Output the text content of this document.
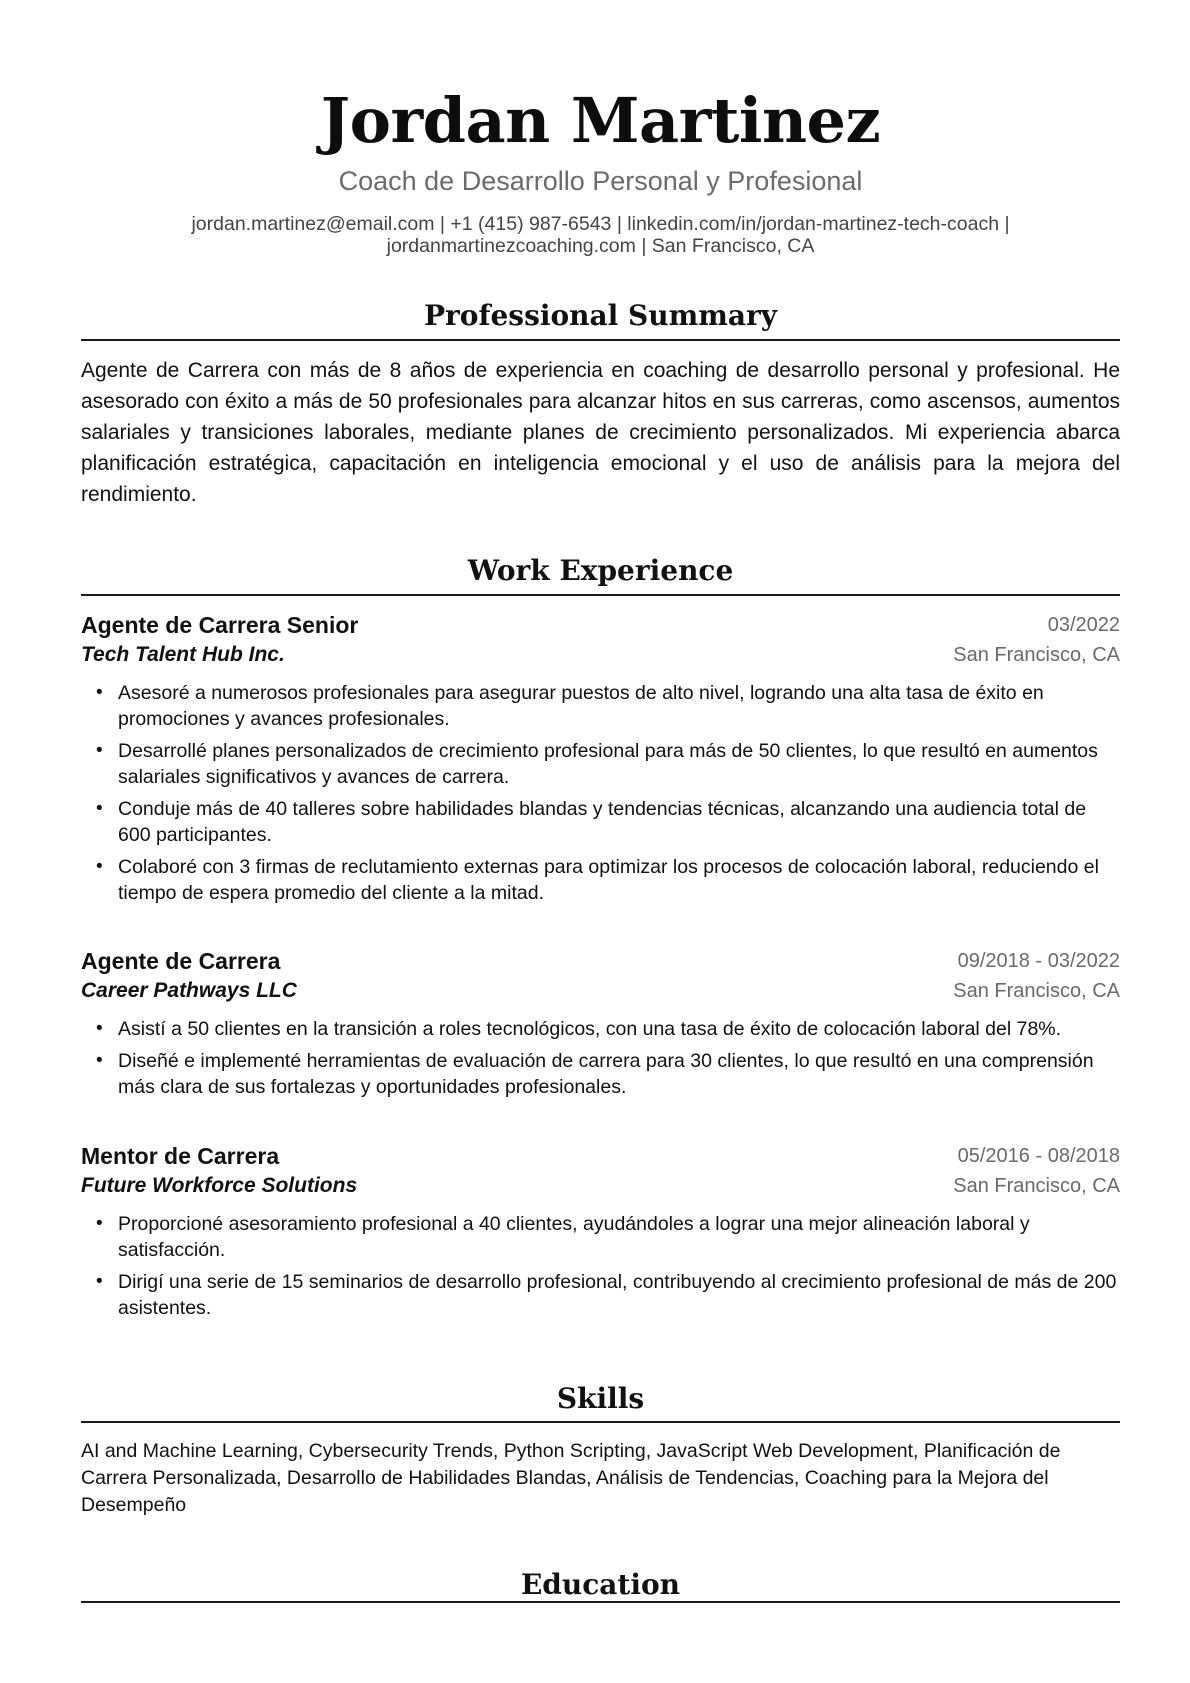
Jordan Martinez

Coach de Desarrollo Personal y Profesional

jordan.martinez@email.com | +1 (415) 987-6543 | linkedin.com/in/jordan-martinez-tech-coach |
jordanmartinezcoaching.com | San Francisco, CA
Professional Summary

Agente de Carrera con más de 8 años de experiencia en coaching de desarrollo personal y profesional. He asesorado con éxito a más de 50 profesionales para alcanzar hitos en sus carreras, como ascensos, aumentos salariales y transiciones laborales, mediante planes de crecimiento personalizados. Mi experiencia abarca planificación estratégica, capacitación en inteligencia emocional y el uso de análisis para la mejora del rendimiento.

Work Experience
Agente de Carrera Senior	03/2022
Tech Talent Hub Inc.	San Francisco, CA
• Asesoré a numerosos profesionales para asegurar puestos de alto nivel, logrando una alta tasa de éxito en promociones y avances profesionales.
• Desarrollé planes personalizados de crecimiento profesional para más de 50 clientes, lo que resultó en aumentos salariales significativos y avances de carrera.
• Conduje más de 40 talleres sobre habilidades blandas y tendencias técnicas, alcanzando una audiencia total de 600 participantes.
• Colaboré con 3 firmas de reclutamiento externas para optimizar los procesos de colocación laboral, reduciendo el tiempo de espera promedio del cliente a la mitad.
Agente de Carrera	09/2018 - 03/2022
Career Pathways LLC	San Francisco, CA
• Asistí a 50 clientes en la transición a roles tecnológicos, con una tasa de éxito de colocación laboral del 78%.
• Diseñé e implementé herramientas de evaluación de carrera para 30 clientes, lo que resultó en una comprensión más clara de sus fortalezas y oportunidades profesionales.
Mentor de Carrera	05/2016 - 08/2018
Future Workforce Solutions	San Francisco, CA
• Proporcioné asesoramiento profesional a 40 clientes, ayudándoles a lograr una mejor alineación laboral y satisfacción.
• Dirigí una serie de 15 seminarios de desarrollo profesional, contribuyendo al crecimiento profesional de más de 200 asistentes.
Skills

AI and Machine Learning, Cybersecurity Trends, Python Scripting, JavaScript Web Development, Planificación de Carrera Personalizada, Desarrollo de Habilidades Blandas, Análisis de Tendencias, Coaching para la Mejora del Desempeño

Education
